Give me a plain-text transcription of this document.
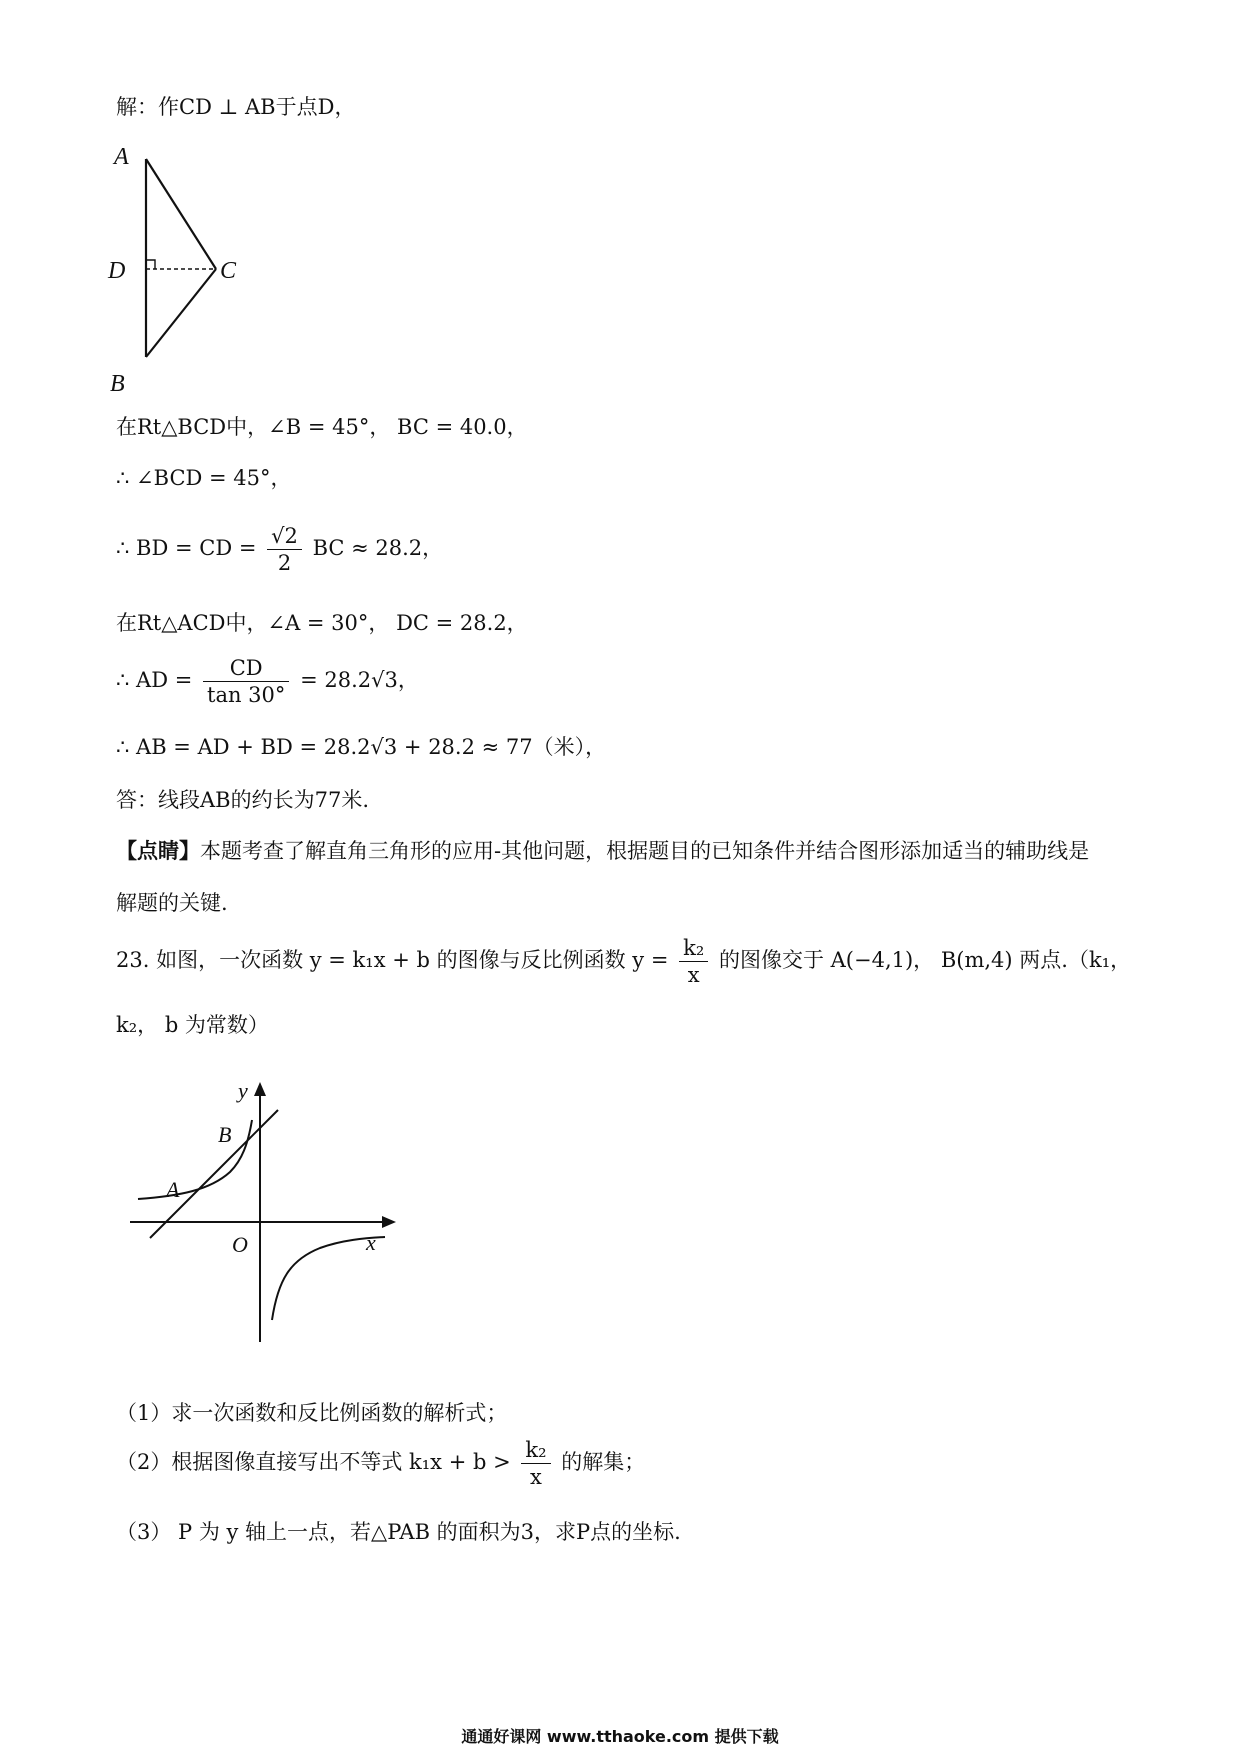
解：作CD ⊥ AB于点D，
A
D	C
B
在Rt△BCD中，∠B = 45°， BC = 40.0，
∴ ∠BCD = 45°，
∴ BD = CD = $\frac{√2}{2}$ BC ≈ 28.2，
在Rt△ACD中，∠A = 30°， DC = 28.2，
∴ AD = $\frac{CD}{\tan 30^\circ} = 28.2√3$，
∴ AB = AD + BD = 28.2√3 + 28.2 ≈ 77（米），
答：线段AB的约长为77米.
【点睛】本题考查了解直角三角形的应用-其他问题，根据题目的已知条件并结合图形添加适当的辅助线是
解题的关键.
23. 如图，一次函数 y = k₁x + b 的图像与反比例函数 $y = \frac{\text{k₂}}{x}$ 的图像交于 A(−4,1)， B(m,4) 两点.（k₁，
k₂， b 为常数）
y
x
O
A
B
（1）求一次函数和反比例函数的解析式；
（2）根据图像直接写出不等式 $k_1x + b > \frac{\text{k₂}}{x}$ 的解集；
（3） P 为 y 轴上一点，若△PAB 的面积为3，求P点的坐标.
通通好课网 www.tthaoke.com 提供下载
